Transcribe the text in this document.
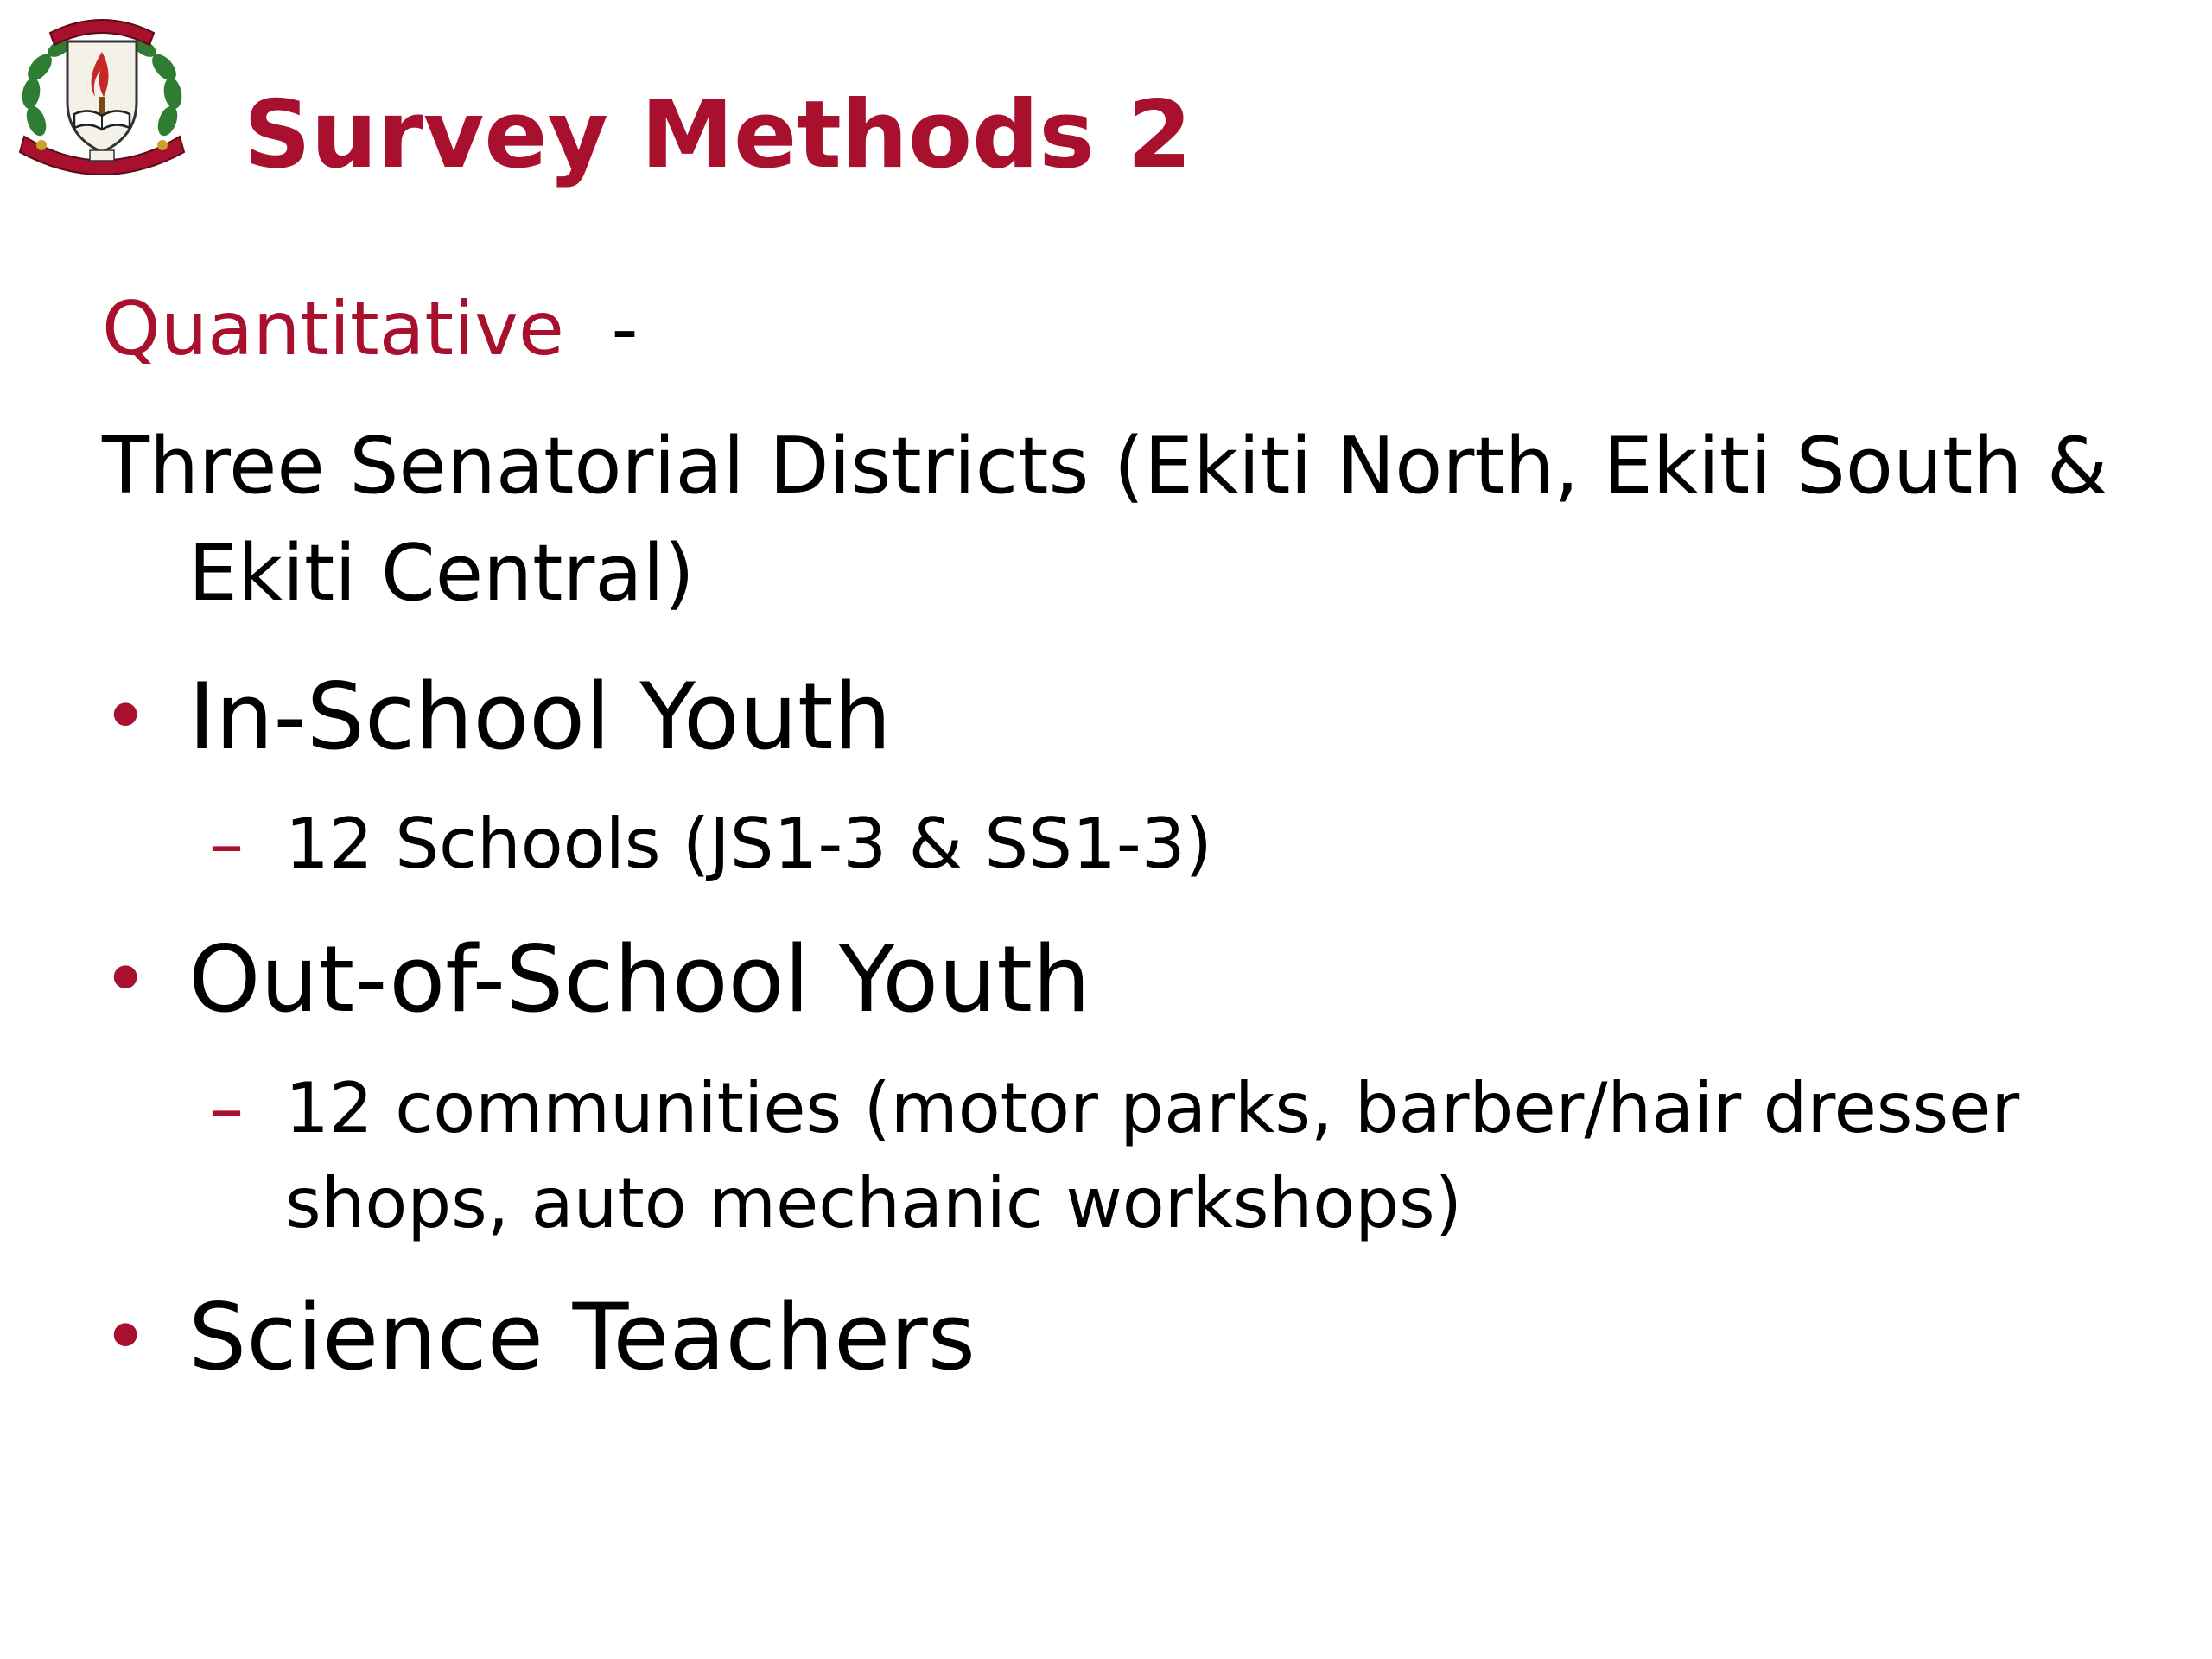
Survey Methods 2

Quantitative -

Three Senatorial Districts (Ekiti North, Ekiti South & Ekiti Central)

• In-School Youth
– 12 Schools (JS1-3 & SS1-3)
• Out-of-School Youth
– 12 communities (motor parks, barber/hair dresser shops, auto mechanic workshops)
• Science Teachers
